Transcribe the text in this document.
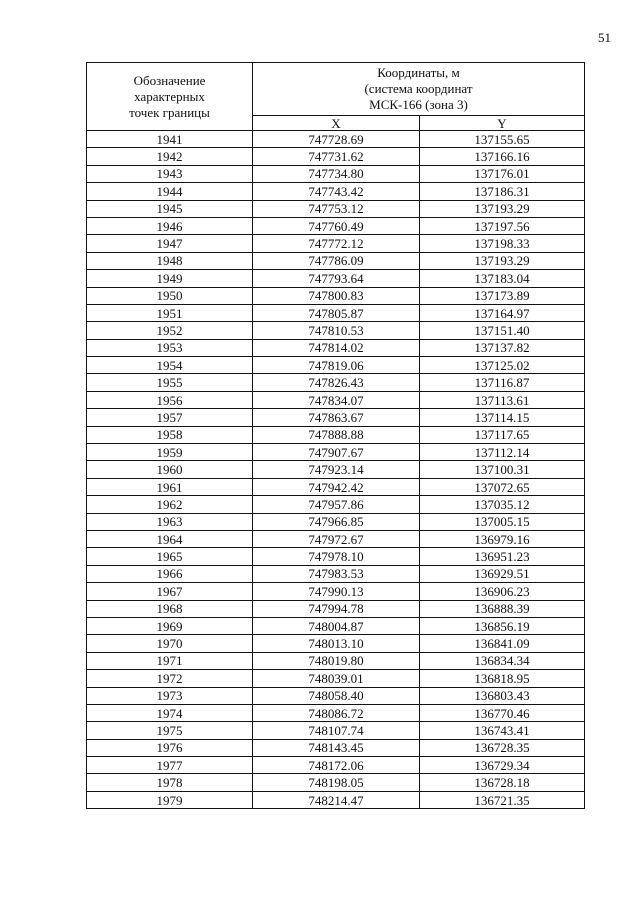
51
Обозначение
характерных
точек границы	Координаты, м
(система координат
МСК-166 (зона 3)	

	X	Y
1941	747728.69	137155.65
1942	747731.62	137166.16
1943	747734.80	137176.01
1944	747743.42	137186.31
1945	747753.12	137193.29
1946	747760.49	137197.56
1947	747772.12	137198.33
1948	747786.09	137193.29
1949	747793.64	137183.04
1950	747800.83	137173.89
1951	747805.87	137164.97
1952	747810.53	137151.40
1953	747814.02	137137.82
1954	747819.06	137125.02
1955	747826.43	137116.87
1956	747834.07	137113.61
1957	747863.67	137114.15
1958	747888.88	137117.65
1959	747907.67	137112.14
1960	747923.14	137100.31
1961	747942.42	137072.65
1962	747957.86	137035.12
1963	747966.85	137005.15
1964	747972.67	136979.16
1965	747978.10	136951.23
1966	747983.53	136929.51
1967	747990.13	136906.23
1968	747994.78	136888.39
1969	748004.87	136856.19
1970	748013.10	136841.09
1971	748019.80	136834.34
1972	748039.01	136818.95
1973	748058.40	136803.43
1974	748086.72	136770.46
1975	748107.74	136743.41
1976	748143.45	136728.35
1977	748172.06	136729.34
1978	748198.05	136728.18
1979	748214.47	136721.35
